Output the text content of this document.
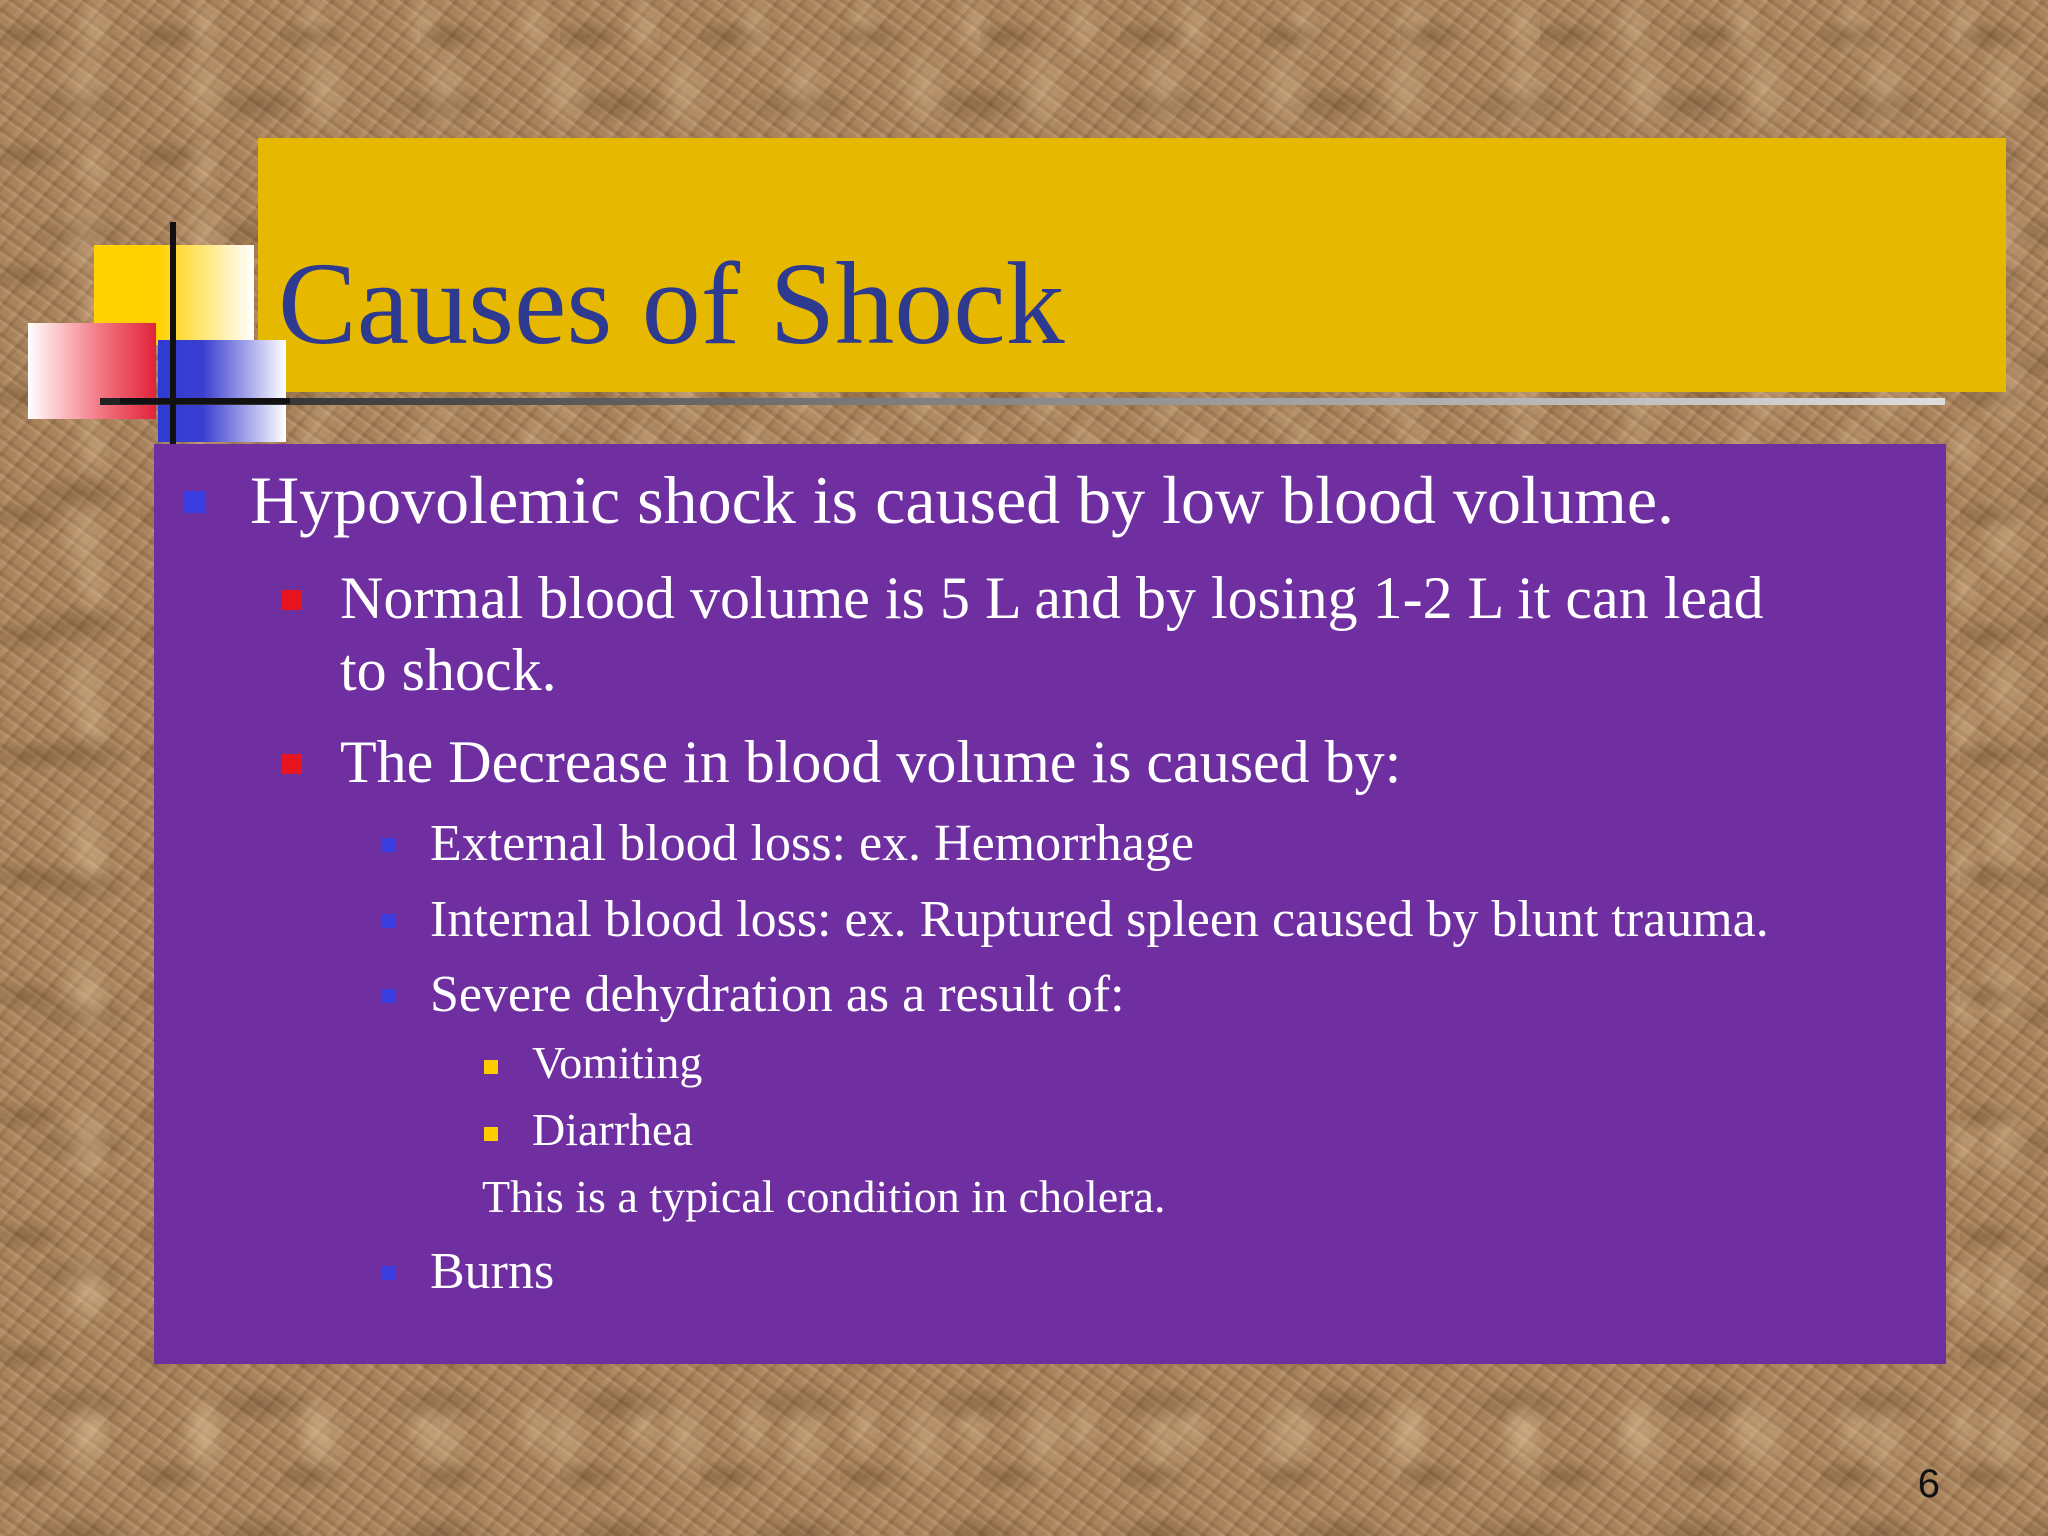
Causes of Shock
Hypovolemic shock is caused by low blood volume.
Normal blood volume is 5 L and by losing 1-2 L it can lead to shock.
The Decrease in blood volume is caused by:
External blood loss: ex. Hemorrhage
Internal blood loss: ex. Ruptured spleen caused by blunt trauma.
Severe dehydration as a result of:
Vomiting
Diarrhea
This is a typical condition in cholera.
Burns
6
